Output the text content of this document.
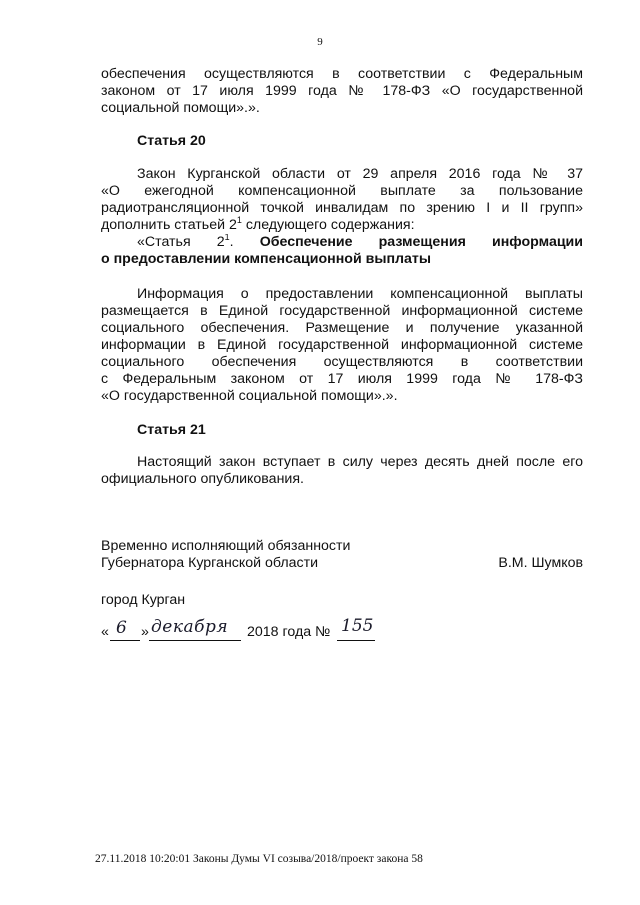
9
обеспечения осуществляются в соответствии с Федеральным
законом от 17 июля 1999 года № 178-ФЗ «О государственной
социальной помощи».».
Статья 20
Закон Курганской области от 29 апреля 2016 года № 37
«О ежегодной компенсационной выплате за пользование
радиотрансляционной точкой инвалидам по зрению I и II групп»
дополнить статьей $2^1$ следующего содержания:
«Статья $2^1$. Обеспечение размещения информации
о предоставлении компенсационной выплаты
Информация о предоставлении компенсационной выплаты
размещается в Единой государственной информационной системе
социального обеспечения. Размещение и получение указанной
информации в Единой государственной информационной системе
социального обеспечения осуществляются в соответствии
с Федеральным законом от 17 июля 1999 года № 178-ФЗ
«О государственной социальной помощи».».
Статья 21
Настоящий закон вступает в силу через десять дней после его
официального опубликования.
Временно исполняющий обязанности
Губернатора Курганской области	В.М. Шумков
город Курган
« 6 » декабря 2018 года № 155
27.11.2018 10:20:01 Законы Думы VI созыва/2018/проект закона 58
